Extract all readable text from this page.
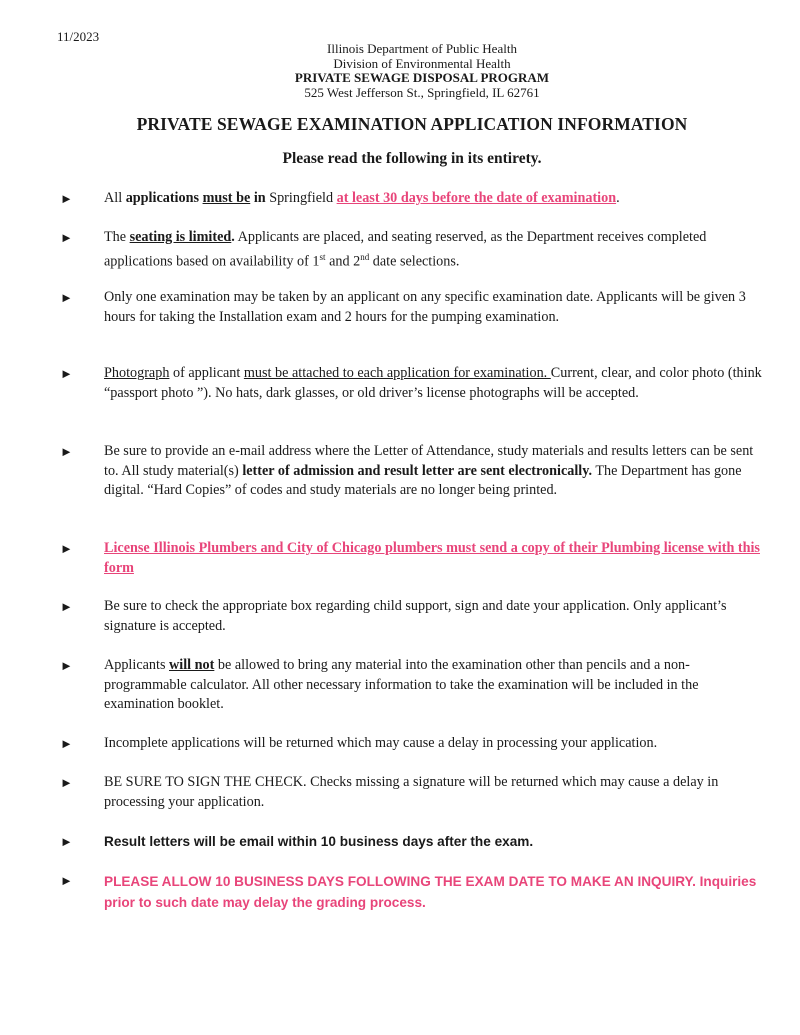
11/2023
Illinois Department of Public Health
Division of Environmental Health
PRIVATE SEWAGE DISPOSAL PROGRAM
525 West Jefferson St., Springfield, IL 62761
PRIVATE SEWAGE EXAMINATION APPLICATION INFORMATION
Please read the following in its entirety.
► All applications must be in Springfield at least 30 days before the date of examination.
► The seating is limited. Applicants are placed, and seating reserved, as the Department receives completed applications based on availability of 1st and 2nd date selections.
► Only one examination may be taken by an applicant on any specific examination date. Applicants will be given 3 hours for taking the Installation exam and 2 hours for the pumping examination.
► Photograph of applicant must be attached to each application for examination. Current, clear, and color photo (think “passport photo ”). No hats, dark glasses, or old driver’s license photographs will be accepted.
► Be sure to provide an e-mail address where the Letter of Attendance, study materials and results letters can be sent to. All study material(s) letter of admission and result letter are sent electronically. The Department has gone digital. “Hard Copies” of codes and study materials are no longer being printed.
► License Illinois Plumbers and City of Chicago plumbers must send a copy of their Plumbing license with this form
► Be sure to check the appropriate box regarding child support, sign and date your application. Only applicant’s signature is accepted.
► Applicants will not be allowed to bring any material into the examination other than pencils and a non-programmable calculator. All other necessary information to take the examination will be included in the examination booklet.
► Incomplete applications will be returned which may cause a delay in processing your application.
► BE SURE TO SIGN THE CHECK. Checks missing a signature will be returned which may cause a delay in processing your application.
► Result letters will be email within 10 business days after the exam.
► PLEASE ALLOW 10 BUSINESS DAYS FOLLOWING THE EXAM DATE TO MAKE AN INQUIRY. Inquiries prior to such date may delay the grading process.
